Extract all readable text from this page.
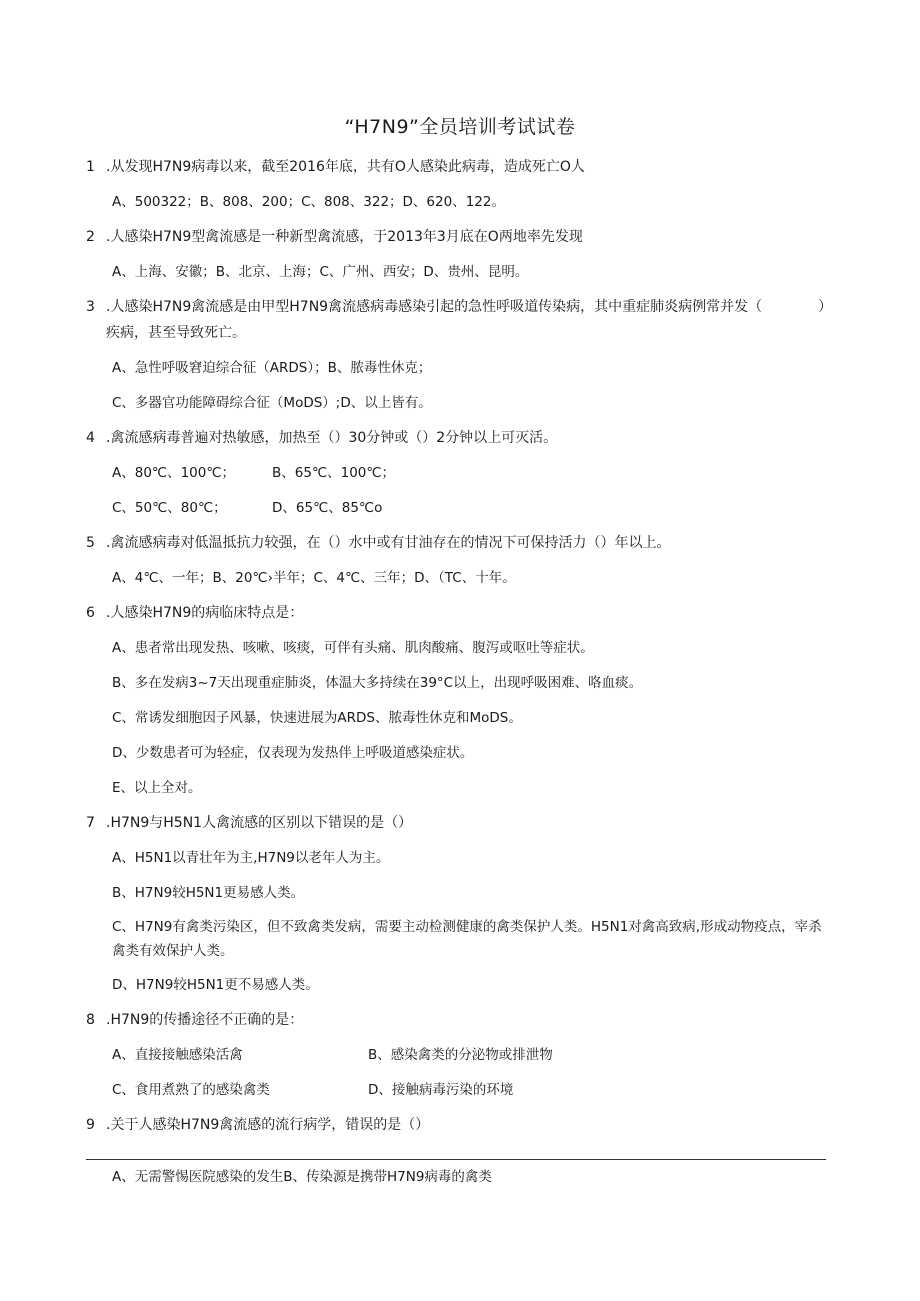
“H7N9”全员培训考试试卷
1 .从发现H7N9病毒以来，截至2016年底，共有O人感染此病毒，造成死亡O人
A、500322；B、808、200；C、808、322；D、620、122。
2 .人感染H7N9型禽流感是一种新型禽流感，于2013年3月底在O两地率先发现
A、上海、安徽；B、北京、上海；C、广州、西安；D、贵州、昆明。
3 .人感染H7N9禽流感是由甲型H7N9禽流感病毒感染引起的急性呼吸道传染病，其中重症肺炎病例常并发（　　　　）疾病，甚至导致死亡。
A、急性呼吸窘迫综合征（ARDS）；B、脓毒性休克；
C、多器官功能障碍综合征（MoDS）;D、以上皆有。
4 .禽流感病毒普遍对热敏感，加热至（）30分钟或（）2分钟以上可灭活。
A、80℃、100℃；	B、65℃、100℃；
C、50℃、80℃；	D、65℃、85℃o
5 .禽流感病毒对低温抵抗力较强，在（）水中或有甘油存在的情况下可保持活力（）年以上。
A、4℃、一年；B、20℃›半年；C、4℃、三年；D、（TC、十年。
6 .人感染H7N9的病临床特点是：
A、患者常出现发热、咳嗽、咳痰，可伴有头痛、肌肉酸痛、腹泻或呕吐等症状。
B、多在发病3~7天出现重症肺炎，体温大多持续在39°C以上，出现呼吸困难、咯血痰。
C、常诱发细胞因子风暴，快速进展为ARDS、脓毒性休克和MoDS。
D、少数患者可为轻症，仅表现为发热伴上呼吸道感染症状。
E、以上全对。
7 .H7N9与H5N1人禽流感的区别以下错误的是（）
A、H5N1以青壮年为主,H7N9以老年人为主。
B、H7N9较H5N1更易感人类。
C、H7N9有禽类污染区，但不致禽类发病，需要主动检测健康的禽类保护人类。H5N1对禽高致病,形成动物疫点，宰杀禽类有效保护人类。
D、H7N9较H5N1更不易感人类。
8 .H7N9的传播途径不正确的是：
A、直接接触感染活禽	B、感染禽类的分泌物或排泄物
C、食用煮熟了的感染禽类	D、接触病毒污染的环境
9 .关于人感染H7N9禽流感的流行病学，错误的是（）
A、无需警惕医院感染的发生B、传染源是携带H7N9病毒的禽类
